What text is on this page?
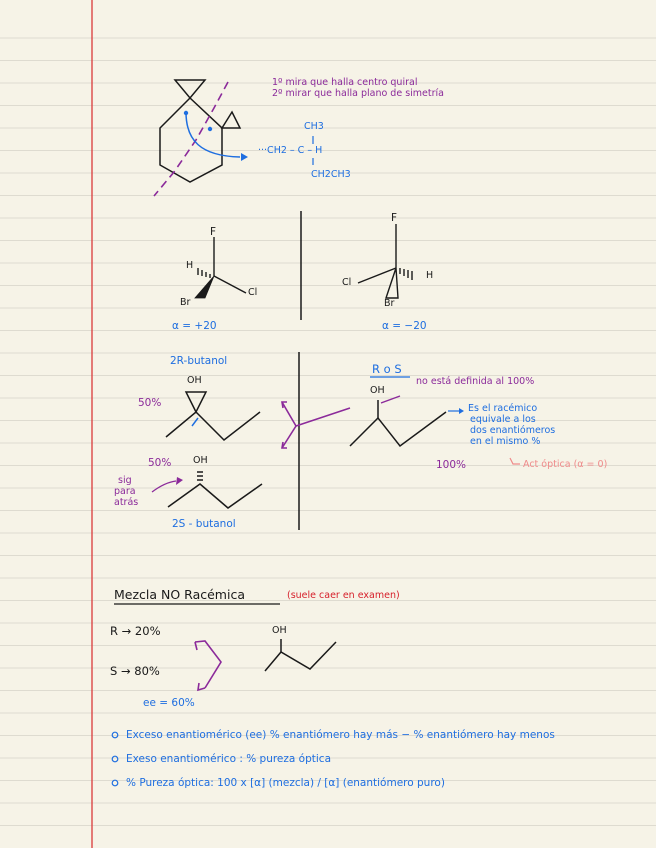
1º mira que halla centro quiral
2º mirar que halla plano de simetría
CH3
···CH2 – C – H
CH2CH3
F
H
Cl
Br
α = +20
F
Cl
H
Br
α = −20
2R-butanol
OH
50%
50% OH
sig
para
atrás
2S - butanol
R o S
no está definida al 100%
OH
Es el racémico
equivale a los
dos enantiómeros
en el mismo %
100%	Act óptica (α = 0)
Mezcla NO Racémica	(suele caer en examen)
R → 20%
S → 80%
ee = 60%
OH
Exceso enantiomérico (ee) % enantiómero hay más − % enantiómero hay menos
Exeso enantiomérico : % pureza óptica
% Pureza óptica: 100 x [α] (mezcla) / [α] (enantiómero puro)
